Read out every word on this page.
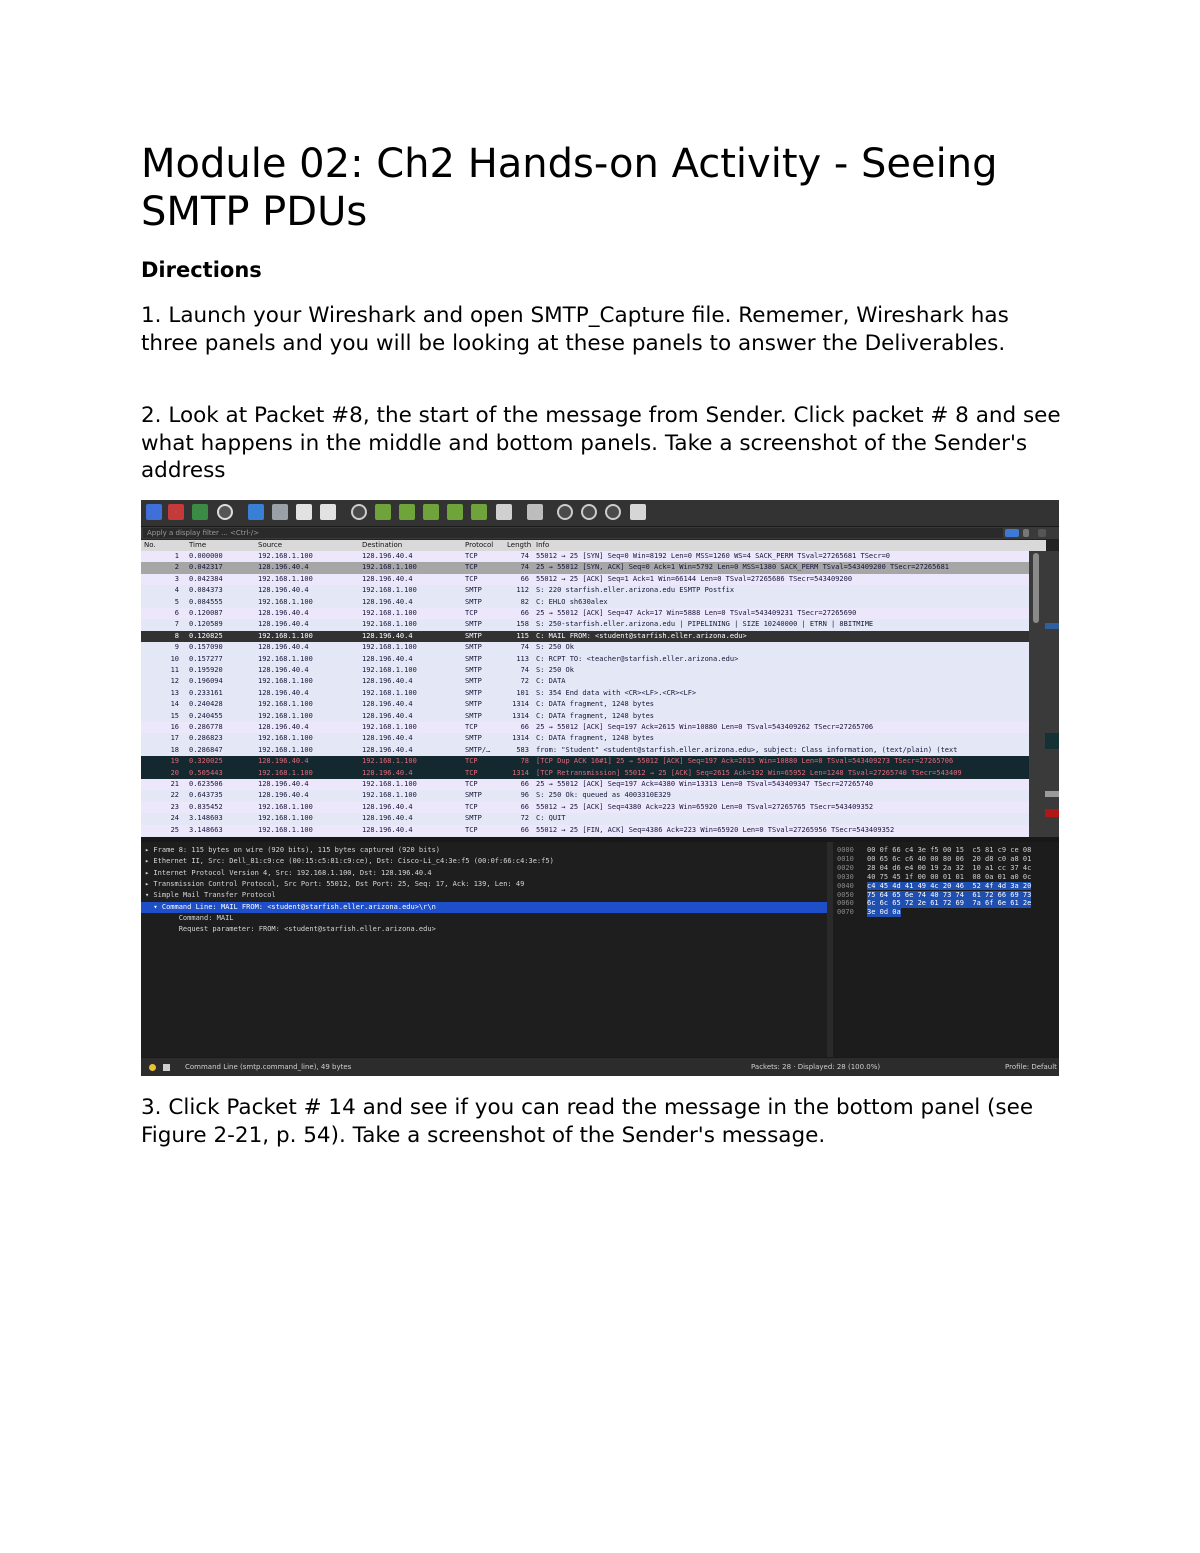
Module 02: Ch2 Hands-on Activity - Seeing SMTP PDUs
Directions

1. Launch your Wireshark and open SMTP_Capture file. Rememer, Wireshark has three panels and you will be looking at these panels to answer the Deliverables.

2. Look at Packet #8, the start of the message from Sender. Click packet # 8 and see what happens in the middle and bottom panels. Take a screenshot of the Sender's address

Apply a display filter ... <Ctrl-/>
No.	Time	Source	Destination	Protocol Length Info
1 0.000000	192.168.1.100	128.196.40.4	TCP	74 55012 → 25 [SYN] Seq=0 Win=8192 Len=0 MSS=1260 WS=4 SACK_PERM TSval=27265681 TSecr=0
2 0.042317	128.196.40.4	192.168.1.100	TCP	74 25 → 55012 [SYN, ACK] Seq=0 Ack=1 Win=5792 Len=0 MSS=1380 SACK_PERM TSval=543409200 TSecr=27265681
3 0.042384	192.168.1.100	128.196.40.4	TCP	66 55012 → 25 [ACK] Seq=1 Ack=1 Win=66144 Len=0 TSval=27265686 TSecr=543409200
4 0.084373	128.196.40.4	192.168.1.100	SMTP	112 S: 220 starfish.eller.arizona.edu ESMTP Postfix
5 0.084555	192.168.1.100	128.196.40.4	SMTP	82 C: EHLO sh630alex
6 0.120087	128.196.40.4	192.168.1.100	TCP	66 25 → 55012 [ACK] Seq=47 Ack=17 Win=5888 Len=0 TSval=543409231 TSecr=27265690
7 0.120589	128.196.40.4	192.168.1.100	SMTP	158 S: 250-starfish.eller.arizona.edu | PIPELINING | SIZE 10240000 | ETRN | 8BITMIME
8 0.120825	192.168.1.100	128.196.40.4	SMTP	115 C: MAIL FROM: <student@starfish.eller.arizona.edu>
9 0.157090	128.196.40.4	192.168.1.100	SMTP	74 S: 250 Ok
10 0.157277	192.168.1.100	128.196.40.4	SMTP	113 C: RCPT TO: <teacher@starfish.eller.arizona.edu>
11 0.195920	128.196.40.4	192.168.1.100	SMTP	74 S: 250 Ok
12 0.196094	192.168.1.100	128.196.40.4	SMTP	72 C: DATA
13 0.233161	128.196.40.4	192.168.1.100	SMTP	101 S: 354 End data with <CR><LF>.<CR><LF>
14 0.240428	192.168.1.100	128.196.40.4	SMTP	1314 C: DATA fragment, 1248 bytes
15 0.240455	192.168.1.100	128.196.40.4	SMTP	1314 C: DATA fragment, 1248 bytes
16 0.286778	128.196.40.4	192.168.1.100	TCP	66 25 → 55012 [ACK] Seq=197 Ack=2615 Win=10880 Len=0 TSval=543409262 TSecr=27265706
17 0.286823	192.168.1.100	128.196.40.4	SMTP	1314 C: DATA fragment, 1248 bytes
18 0.286847	192.168.1.100	128.196.40.4	SMTP/…	583 from: "Student" <student@starfish.eller.arizona.edu>, subject: Class information, (text/plain) (text
19 0.320025	128.196.40.4	192.168.1.100	TCP	78 [TCP Dup ACK 16#1] 25 → 55012 [ACK] Seq=197 Ack=2615 Win=10880 Len=0 TSval=543409273 TSecr=27265706
20 0.505443	192.168.1.100	128.196.40.4	TCP	1314 [TCP Retransmission] 55012 → 25 [ACK] Seq=2615 Ack=192 Win=65952 Len=1248 TSval=27265740 TSecr=543409
21 0.623506	128.196.40.4	192.168.1.100	TCP	66 25 → 55012 [ACK] Seq=197 Ack=4380 Win=13313 Len=0 TSval=543409347 TSecr=27265740
22 0.643735	128.196.40.4	192.168.1.100	SMTP	96 S: 250 Ok: queued as 4003310E329
23 0.835452	192.168.1.100	128.196.40.4	TCP	66 55012 → 25 [ACK] Seq=4380 Ack=223 Win=65920 Len=0 TSval=27265765 TSecr=543409352
24 3.148603	192.168.1.100	128.196.40.4	SMTP	72 C: QUIT
25 3.148663	192.168.1.100	128.196.40.4	TCP	66 55012 → 25 [FIN, ACK] Seq=4386 Ack=223 Win=65920 Len=0 TSval=27265956 TSecr=543409352
▸ Frame 8: 115 bytes on wire (920 bits), 115 bytes captured (920 bits)
▸ Ethernet II, Src: Dell_81:c9:ce (00:15:c5:81:c9:ce), Dst: Cisco-Li_c4:3e:f5 (00:0f:66:c4:3e:f5)
▸ Internet Protocol Version 4, Src: 192.168.1.100, Dst: 128.196.40.4
▸ Transmission Control Protocol, Src Port: 55012, Dst Port: 25, Seq: 17, Ack: 139, Len: 49
▾ Simple Mail Transfer Protocol
▾ Command Line: MAIL FROM: <student@starfish.eller.arizona.edu>\r\n
Command: MAIL
Request parameter: FROM: <student@starfish.eller.arizona.edu>
0000 00 0f 66 c4 3e f5 00 15  c5 81 c9 ce 08
0010 00 65 6c c6 40 00 80 06  20 d8 c0 a8 01
0020 28 04 d6 e4 00 19 2a 32  10 a1 cc 37 4c
0030 40 75 45 1f 00 00 01 01  08 0a 01 a0 0c
0040 c4 45 4d 41 49 4c 20 46  52 4f 4d 3a 20
0050 75 64 65 6e 74 40 73 74  61 72 66 69 73
0060 6c 6c 65 72 2e 61 72 69  7a 6f 6e 61 2e
0070 3e 0d 0a
Command Line (smtp.command_line), 49 bytes	Packets: 28 · Displayed: 28 (100.0%)	Profile: Default

3. Click Packet # 14 and see if you can read the message in the bottom panel (see Figure 2-21, p. 54). Take a screenshot of the Sender's message.
